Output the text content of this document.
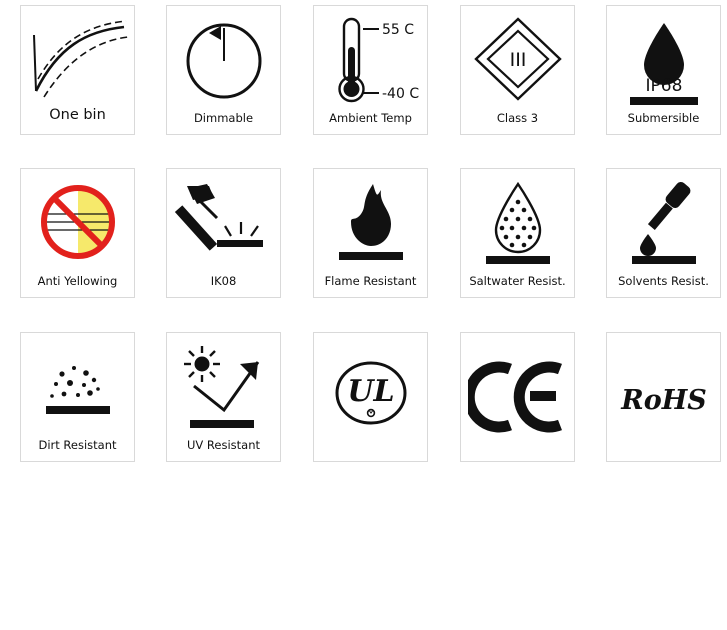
One bin	Dimmable
55 C
-40 C
Ambient Temp
III
Class 3
IP68
Submersible
Anti Yellowing	IK08	Flame Resistant	Saltwater Resist.	Solvents Resist.
Dirt Resistant	UV Resistant
UL	RoHS
